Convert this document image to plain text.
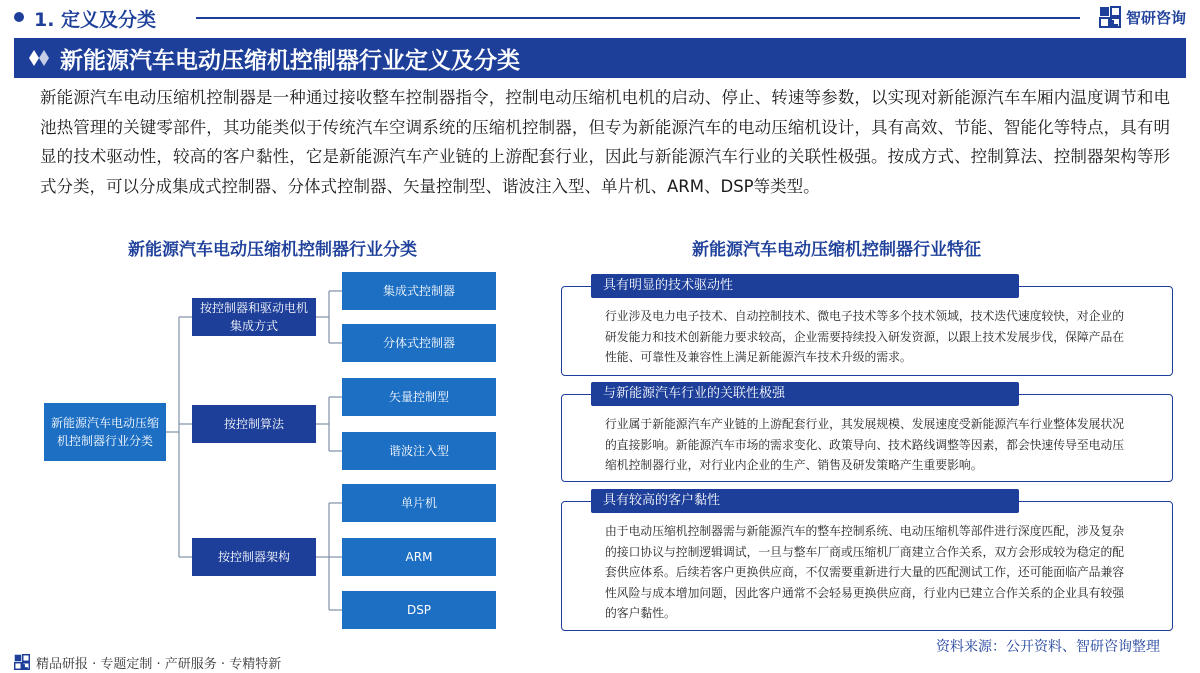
1. 定义及分类	智研咨询
新能源汽车电动压缩机控制器行业定义及分类

新能源汽车电动压缩机控制器是一种通过接收整车控制器指令，控制电动压缩机电机的启动、停止、转速等参数，以实现对新能源汽车车厢内温度调节和电池热管理的关键零部件，其功能类似于传统汽车空调系统的压缩机控制器，但专为新能源汽车的电动压缩机设计，具有高效、节能、智能化等特点，具有明显的技术驱动性，较高的客户黏性，它是新能源汽车产业链的上游配套行业，因此与新能源汽车行业的关联性极强。按成方式、控制算法、控制器架构等形式分类，可以分成集成式控制器、分体式控制器、矢量控制型、谐波注入型、单片机、ARM、DSP等类型。

新能源汽车电动压缩机控制器行业分类
新能源汽车电动压缩机控制器行业分类
按控制器和驱动电机集成方式
按控制算法
按控制器架构
集成式控制器
分体式控制器
矢量控制型
谐波注入型
单片机
ARM
DSP
新能源汽车电动压缩机控制器行业特征
具有明显的技术驱动性
行业涉及电力电子技术、自动控制技术、微电子技术等多个技术领域，技术迭代速度较快，对企业的研发能力和技术创新能力要求较高，企业需要持续投入研发资源，以跟上技术发展步伐，保障产品在性能、可靠性及兼容性上满足新能源汽车技术升级的需求。
与新能源汽车行业的关联性极强
行业属于新能源汽车产业链的上游配套行业，其发展规模、发展速度受新能源汽车行业整体发展状况的直接影响。新能源汽车市场的需求变化、政策导向、技术路线调整等因素，都会快速传导至电动压缩机控制器行业，对行业内企业的生产、销售及研发策略产生重要影响。
具有较高的客户黏性
由于电动压缩机控制器需与新能源汽车的整车控制系统、电动压缩机等部件进行深度匹配，涉及复杂的接口协议与控制逻辑调试，一旦与整车厂商或压缩机厂商建立合作关系，双方会形成较为稳定的配套供应体系。后续若客户更换供应商，不仅需要重新进行大量的匹配测试工作，还可能面临产品兼容性风险与成本增加问题，因此客户通常不会轻易更换供应商，行业内已建立合作关系的企业具有较强的客户黏性。
资料来源：公开资料、智研咨询整理
精品研报 · 专题定制 · 产研服务 · 专精特新
